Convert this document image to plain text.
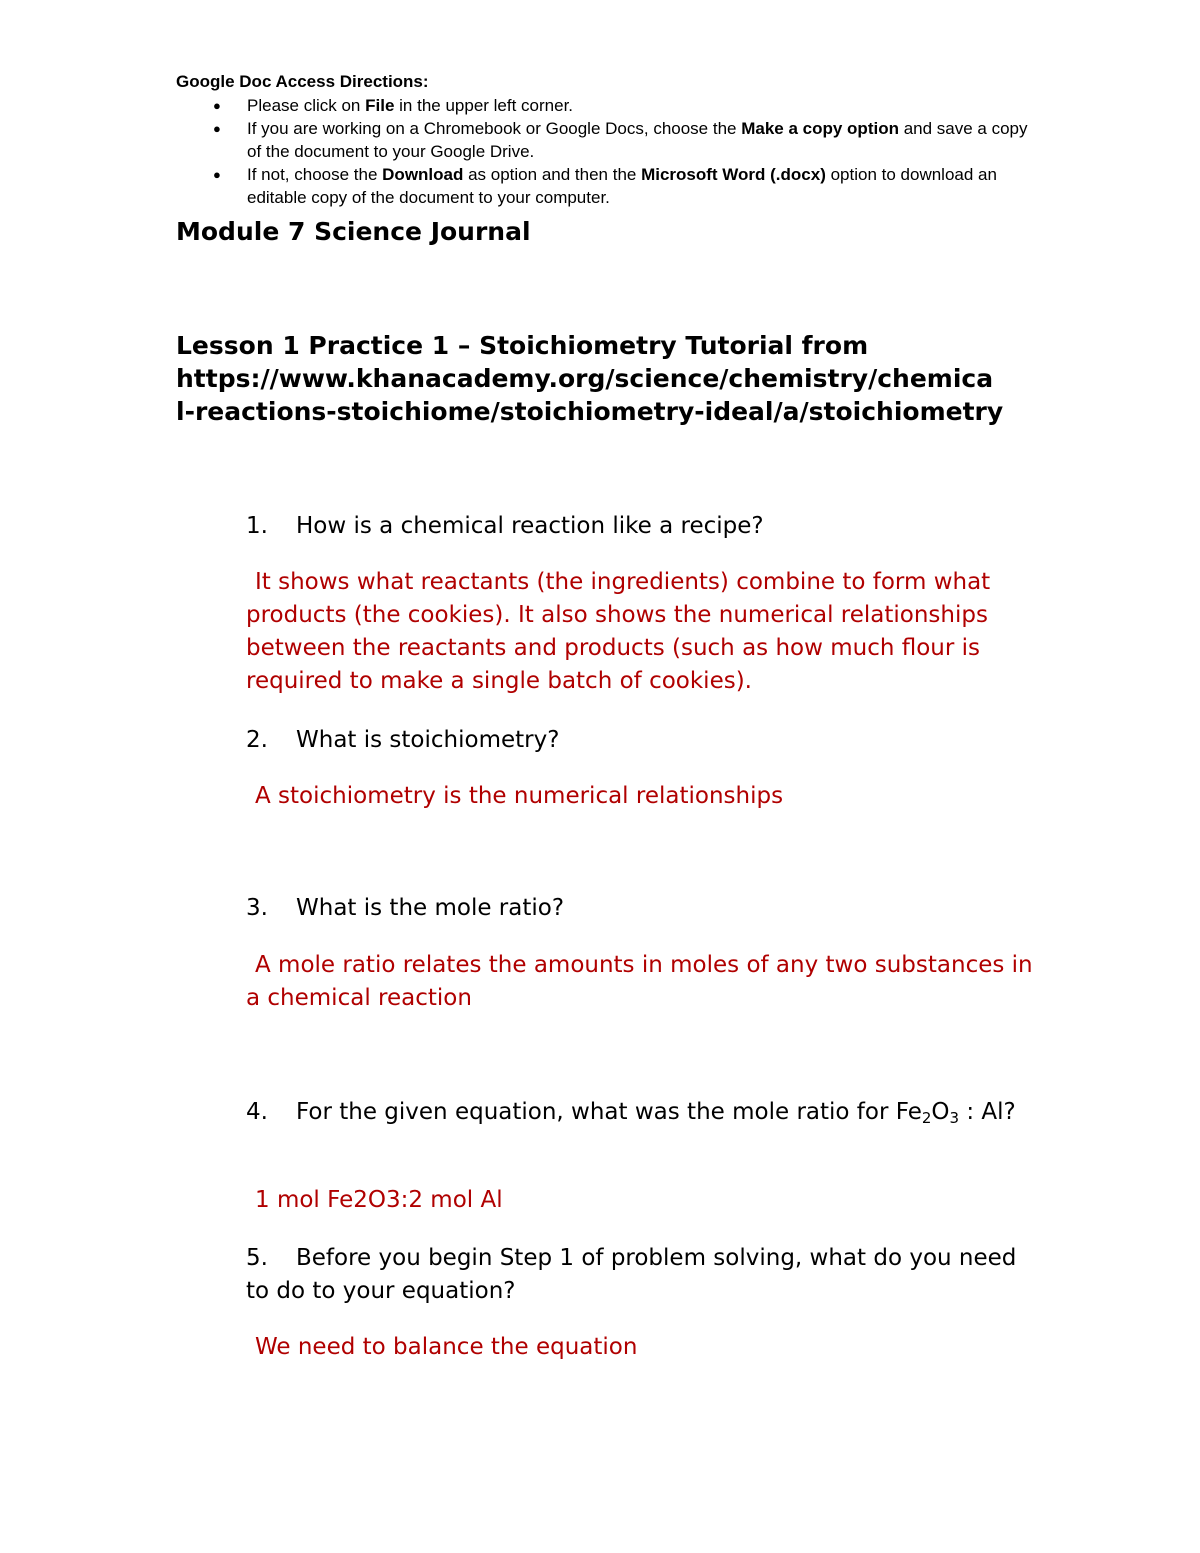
Google Doc Access Directions:
● Please click on File in the upper left corner.
● If you are working on a Chromebook or Google Docs, choose the Make a copy option and save a copy of the document to your Google Drive.
● If not, choose the Download as option and then the Microsoft Word (.docx) option to download an editable copy of the document to your computer.
Module 7 Science Journal
Lesson 1 Practice 1 – Stoichiometry Tutorial from
https://www.khanacademy.org/science/chemistry/chemica
l-reactions-stoichiome/stoichiometry-ideal/a/stoichiometry

1. How is a chemical reaction like a recipe?

It shows what reactants (the ingredients) combine to form what products (the cookies). It also shows the numerical relationships between the reactants and products (such as how much flour is required to make a single batch of cookies).

2. What is stoichiometry?

A stoichiometry is the numerical relationships

3. What is the mole ratio?

A mole ratio relates the amounts in moles of any two substances in a chemical reaction

4. For the given equation, what was the mole ratio for $Fe_2O_3$ : Al?

1 mol Fe2O3:2 mol Al

5. Before you begin Step 1 of problem solving, what do you need to do to your equation?

We need to balance the equation
